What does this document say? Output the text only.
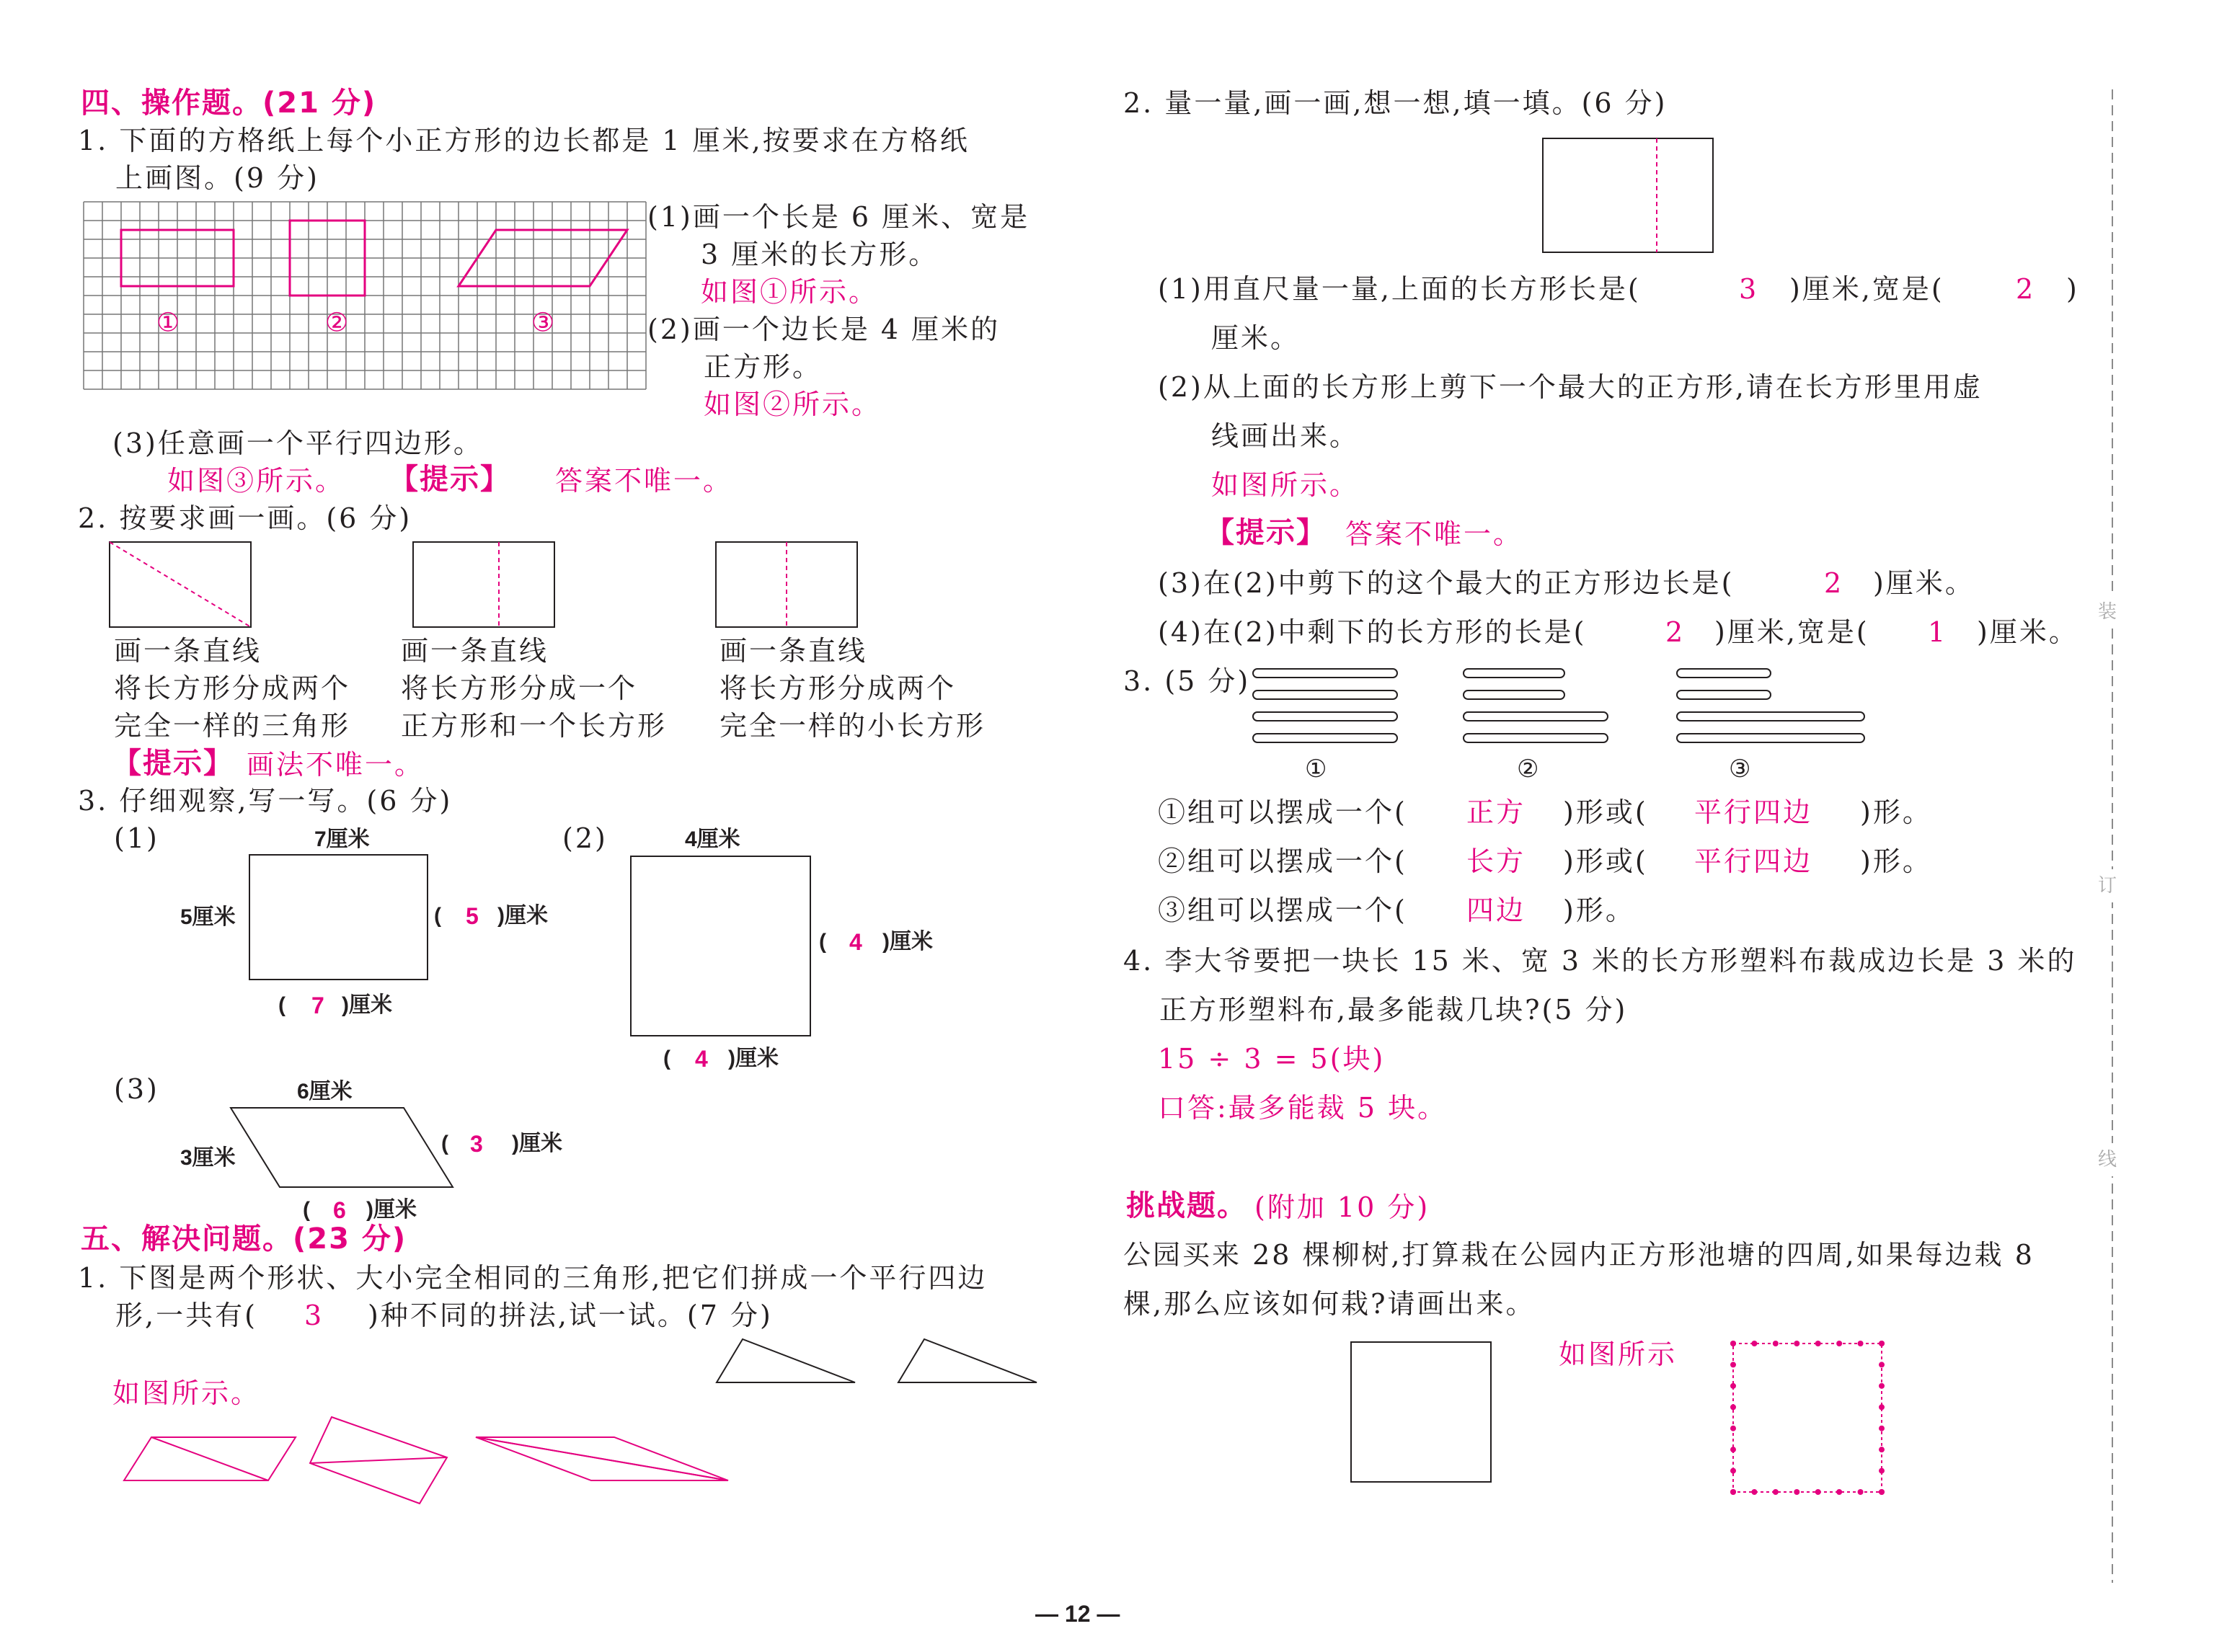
四、操作题。(21 分)
1. 下面的方格纸上每个小正方形的边长都是 1 厘米,按要求在方格纸
上画图。(9 分)
①	②	③
(1)画一个长是 6 厘米、宽是
3 厘米的长方形。
如图①所示。
(2)画一个边长是 4 厘米的
正方形。
如图②所示。
(3)任意画一个平行四边形。
如图③所示。 【提示】 答案不唯一。
2. 按要求画一画。(6 分)
画一条直线
将长方形分成两个
完全一样的三角形
画一条直线
将长方形分成一个
正方形和一个长方形
画一条直线
将长方形分成两个
完全一样的小长方形
【提示】 画法不唯一。
3. 仔细观察,写一写。(6 分)
(1)	(2)
(3)
7厘米
5厘米	( 5 )厘米
( 7 )厘米
4厘米
( 4 )厘米
( 4 )厘米
6厘米
3厘米
( 3 )厘米
( 6 )厘米
五、解决问题。(23 分)
1. 下图是两个形状、大小完全相同的三角形,把它们拼成一个平行四边
形,一共有( 3 )种不同的拼法,试一试。(7 分)
如图所示。
2. 量一量,画一画,想一想,填一填。(6 分)
(1)用直尺量一量,上面的长方形长是(	3 )厘米,宽是(	2 )
厘米。
(2)从上面的长方形上剪下一个最大的正方形,请在长方形里用虚
线画出来。
如图所示。
【提示】 答案不唯一。
(3)在(2)中剪下的这个最大的正方形边长是(	2 )厘米。
(4)在(2)中剩下的长方形的长是(	2 )厘米,宽是( 1 )厘米。
3. (5 分)
①	②	③
①组可以摆成一个( 正方 )形或( 平行四边 )形。
②组可以摆成一个( 长方 )形或( 平行四边 )形。
③组可以摆成一个( 四边 )形。
4. 李大爷要把一块长 15 米、宽 3 米的长方形塑料布裁成边长是 3 米的
正方形塑料布,最多能裁几块?(5 分)
15 ÷ 3 = 5(块)
口答:最多能裁 5 块。
挑战题。 (附加 10 分)
公园买来 28 棵柳树,打算栽在公园内正方形池塘的四周,如果每边栽 8
棵,那么应该如何栽?请画出来。
如图所示
装
订
线
— 12 —
